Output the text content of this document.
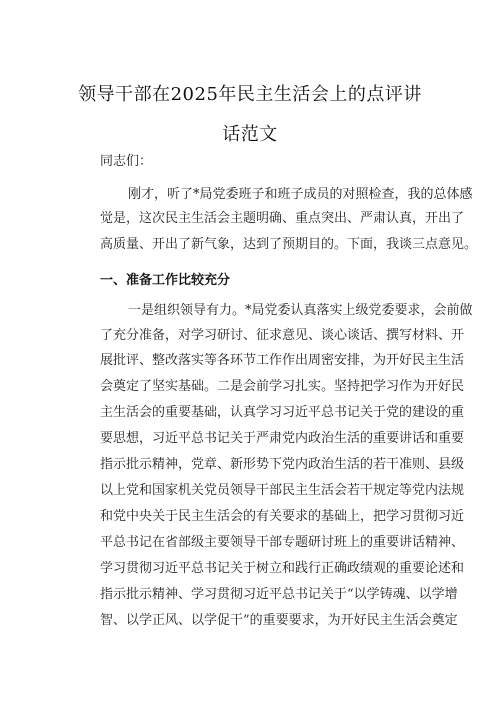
领导干部在2025年民主生活会上的点评讲
话范文
同志们：
刚才，听了*局党委班子和班子成员的对照检查，我的总体感
觉是，这次民主生活会主题明确、重点突出、严肃认真，开出了
高质量、开出了新气象，达到了预期目的。下面，我谈三点意见。
一、准备工作比较充分
一是组织领导有力。*局党委认真落实上级党委要求，会前做
了充分准备，对学习研讨、征求意见、谈心谈话、撰写材料、开
展批评、整改落实等各环节工作作出周密安排，为开好民主生活
会奠定了坚实基础。二是会前学习扎实。坚持把学习作为开好民
主生活会的重要基础，认真学习习近平总书记关于党的建设的重
要思想，习近平总书记关于严肃党内政治生活的重要讲话和重要
指示批示精神，党章、新形势下党内政治生活的若干准则、县级
以上党和国家机关党员领导干部民主生活会若干规定等党内法规
和党中央关于民主生活会的有关要求的基础上，把学习贯彻习近
平总书记在省部级主要领导干部专题研讨班上的重要讲话精神、
学习贯彻习近平总书记关于树立和践行正确政绩观的重要论述和
指示批示精神、学习贯彻习近平总书记关于“以学铸魂、以学增
智、以学正风、以学促干”的重要要求，为开好民主生活会奠定
